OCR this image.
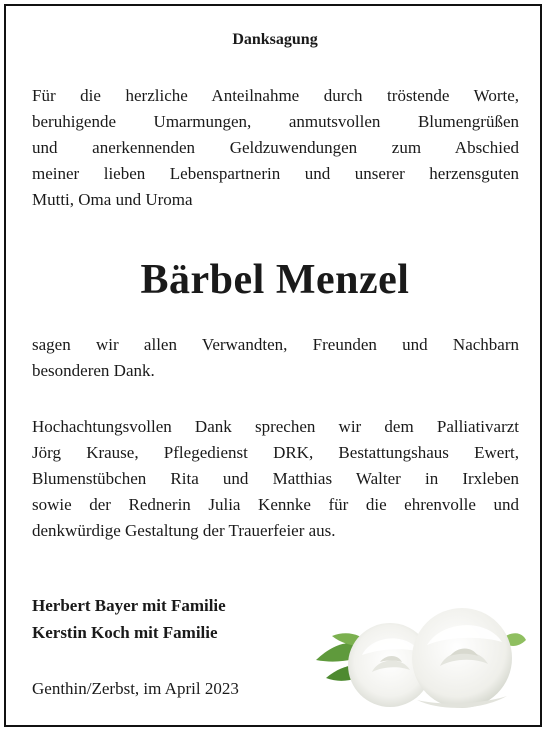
Danksagung
Für die herzliche Anteilnahme durch tröstende Worte,
beruhigende Umarmungen, anmutsvollen Blumengrüßen
und anerkennenden Geldzuwendungen zum Abschied
meiner lieben Lebenspartnerin und unserer herzensguten
Mutti, Oma und Uroma
Bärbel Menzel
sagen wir allen Verwandten, Freunden und Nachbarn
besonderen Dank.
Hochachtungsvollen Dank sprechen wir dem Palliativarzt
Jörg Krause, Pflegedienst DRK, Bestattungshaus Ewert,
Blumenstübchen Rita und Matthias Walter in Irxleben
sowie der Rednerin Julia Kennke für die ehrenvolle und
denkwürdige Gestaltung der Trauerfeier aus.
Herbert Bayer mit Familie
Kerstin Koch mit Familie
Genthin/Zerbst, im April 2023
